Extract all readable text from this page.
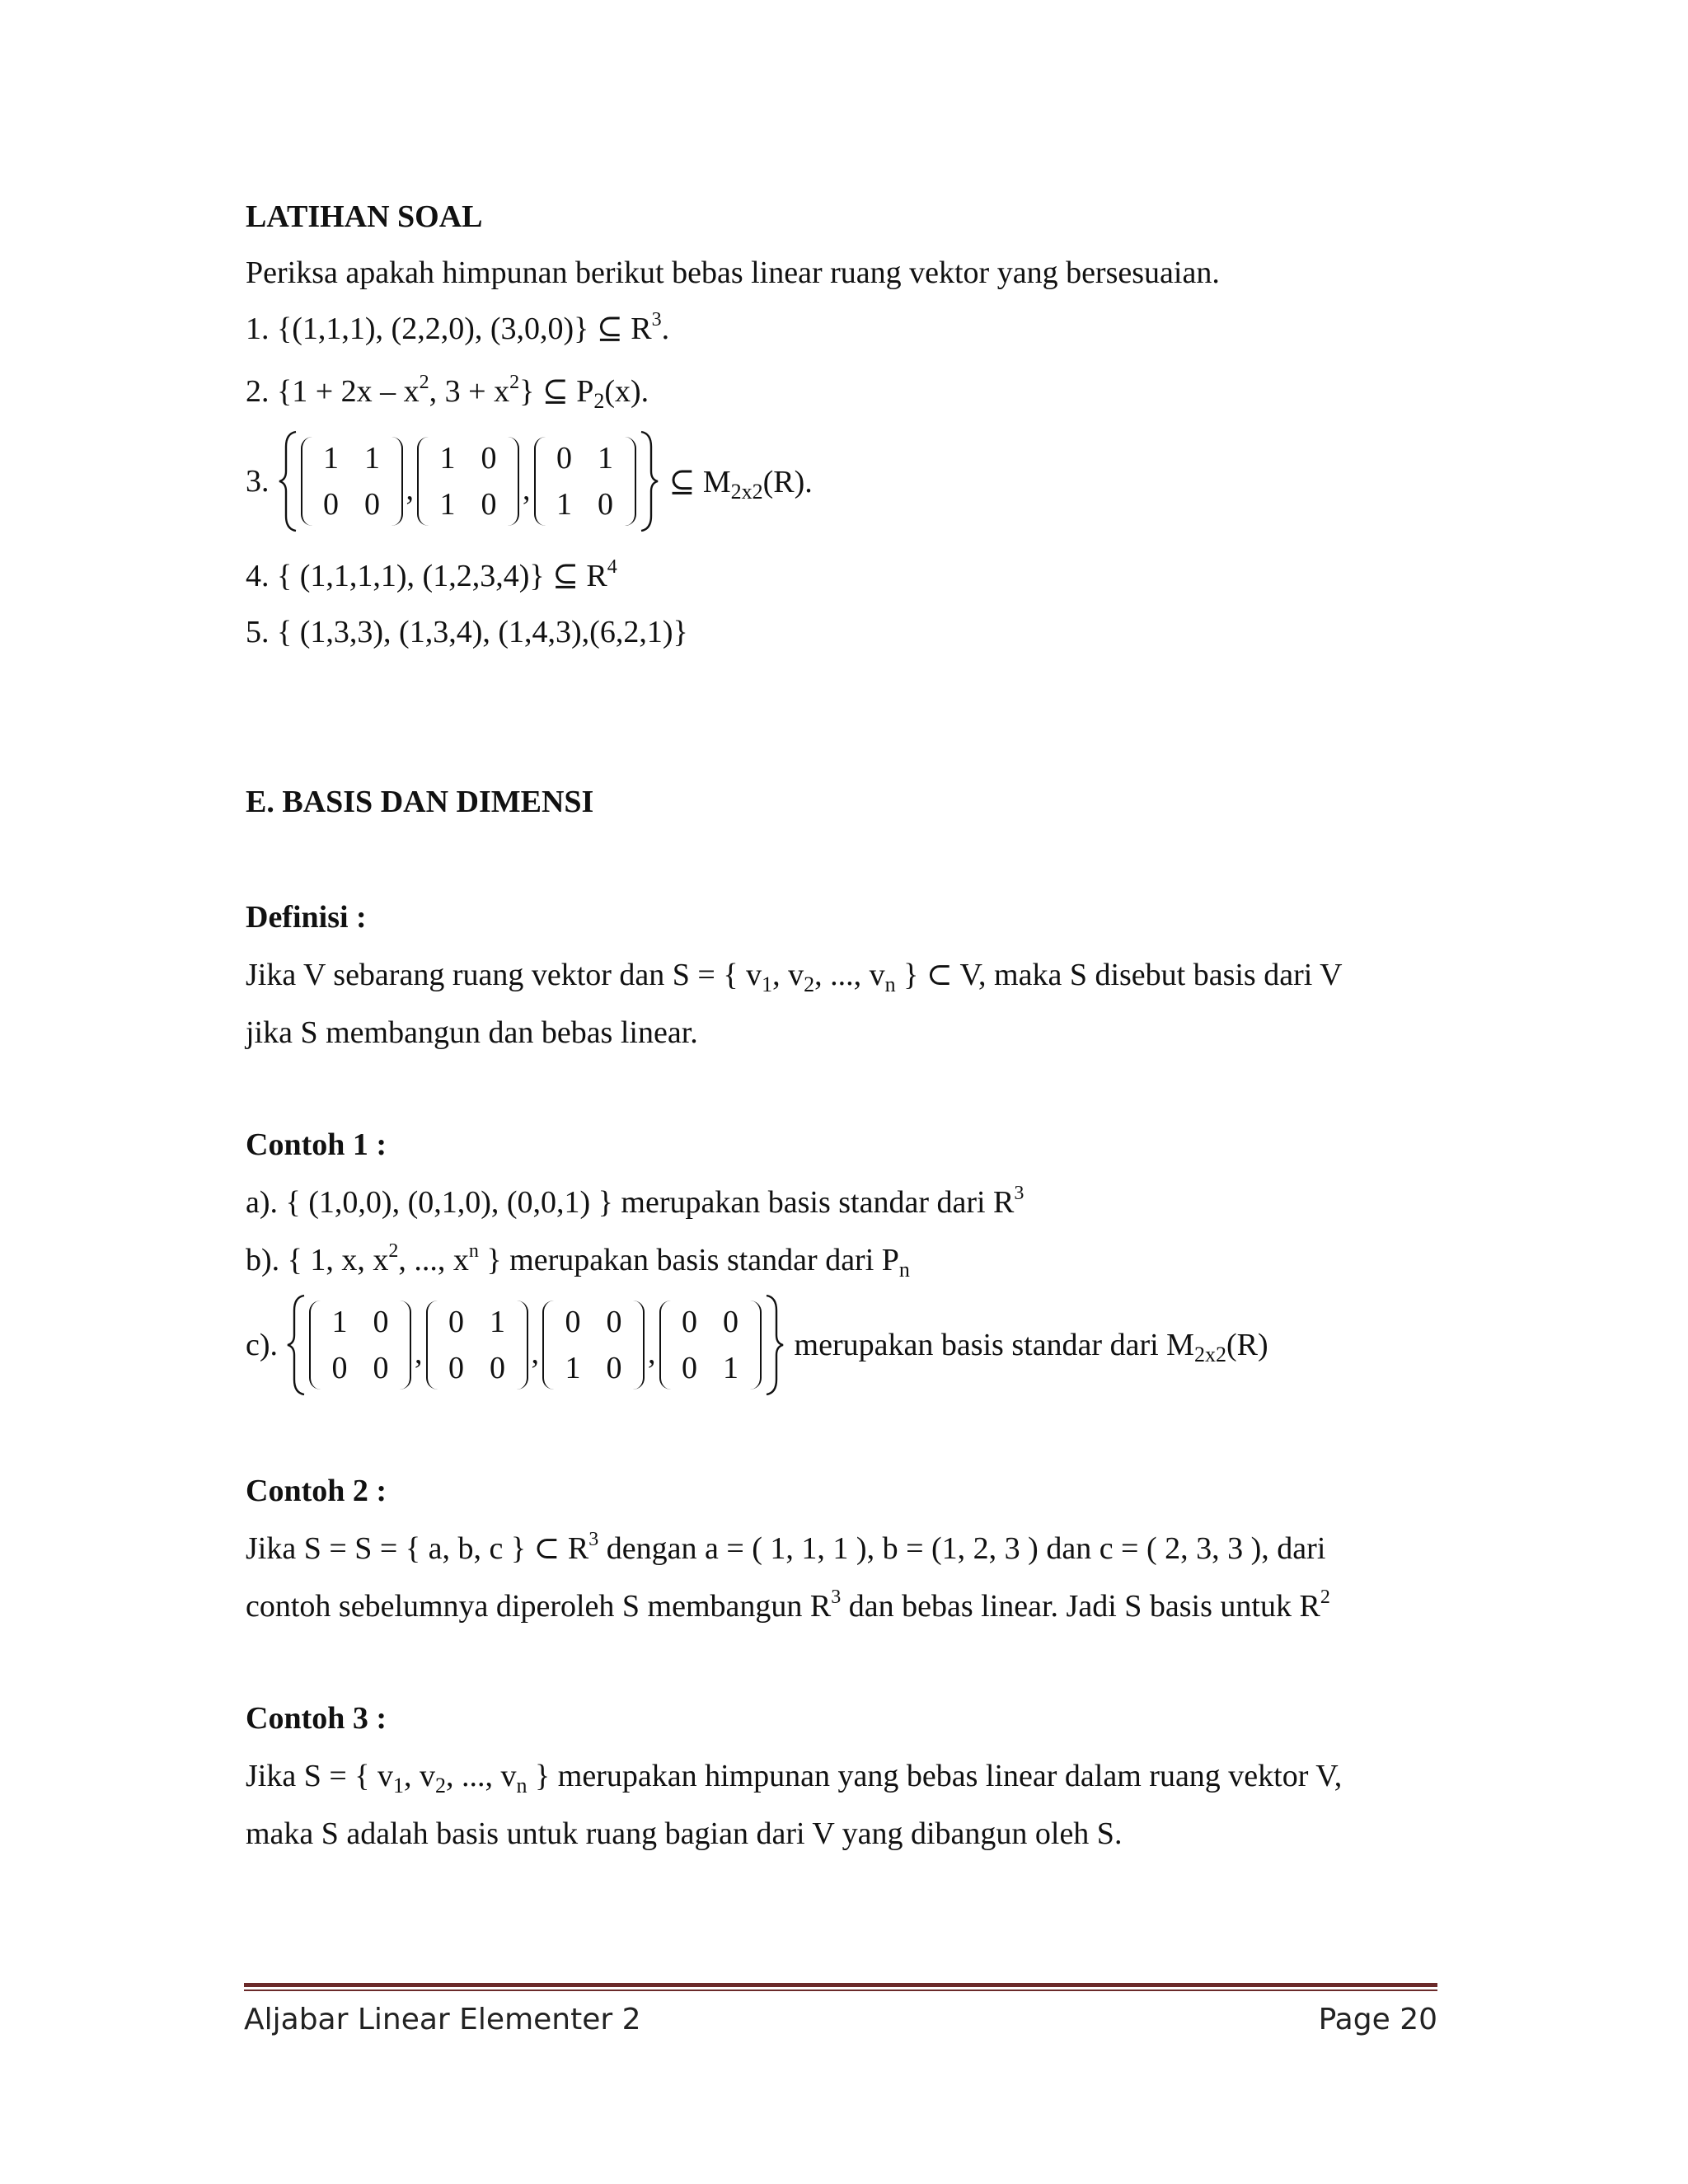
LATIHAN SOAL
Periksa apakah himpunan berikut bebas linear ruang vektor yang bersesuaian.
1. {(1,1,1), (2,2,0), (3,0,0)} ⊆ $R^3$.
2. {$1 + 2x - x^2$, $3 + x^2$} ⊆ $P_2(x)$.
3.
1 1
0 0 ,
1 0
1 0 ,
0 1
1 0
⊆ $M_{2x2}(R)$.
4. { (1,1,1,1), (1,2,3,4)} ⊆ $R^4$
5. { (1,3,3), (1,3,4), (1,4,3),(6,2,1)}
E. BASIS DAN DIMENSI
Definisi :
Jika V sebarang ruang vektor dan S = { $v_1$, $v_2$, ..., $v_n$ } ⊂ V, maka S disebut basis dari V
jika S membangun dan bebas linear.
Contoh 1 :
a). { (1,0,0), (0,1,0), (0,0,1) } merupakan basis standar dari $R^3$
b). { 1, x, $x^2$, ..., $x^n$ } merupakan basis standar dari $P_n$
c).
1 0
0 0 ,
0 1
0 0 ,
0 0
1 0 ,
0 0
0 1
merupakan basis standar dari $M_{2x2}(R)$
Contoh 2 :
Jika S = S = { a, b, c } ⊂ $R^3$ dengan a = ( 1, 1, 1 ), b = (1, 2, 3 ) dan c = ( 2, 3, 3 ), dari
contoh sebelumnya diperoleh S membangun $R^3$ dan bebas linear. Jadi S basis untuk $R^2$
Contoh 3 :
Jika S = { $v_1$, $v_2$, ..., $v_n$ } merupakan himpunan yang bebas linear dalam ruang vektor V,
maka S adalah basis untuk ruang bagian dari V yang dibangun oleh S.
Aljabar Linear Elementer 2	Page 20
